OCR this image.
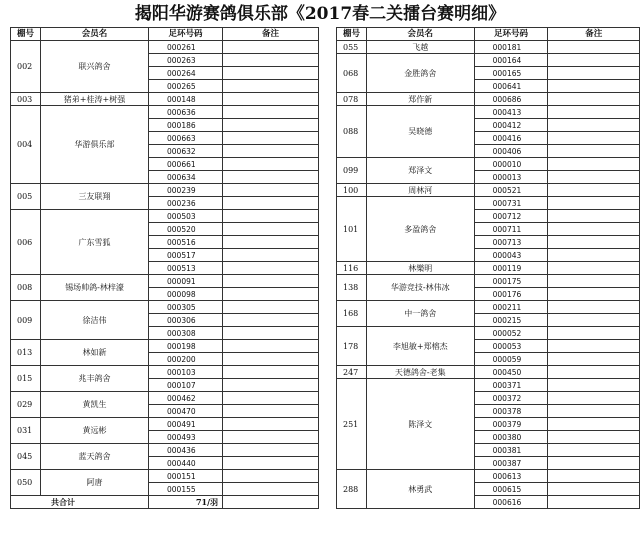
揭阳华游赛鸽俱乐部《2017春二关擂台赛明细》
棚号	会员名	足环号码	备注
002	联兴鸽舍	000261	
		000263	
		000264	
		000265	
003	猪弟+桂涛+树强	000148	
004	华游俱乐部	000636	
		000186	
		000663	
		000632	
		000661	
		000634	
005	三友联翔	000239	
		000236	
006	广东雪狐	000503	
		000520	
		000516	
		000517	
		000513	
008	锡场帅鸽-林梓濠	000091	
		000098	
009	徐洁伟	000305	
		000306	
		000308	
013	林如新	000198	
		000200	
015	兆丰鸽舍	000103	
		000107	
029	黄凯生	000462	
		000470	
031	黄远彬	000491	
		000493	
045	蓝天鸽舍	000436	
		000440	
050	阿唐	000151	
		000155	
共合计		71/羽	
棚号	会员名	足环号码	备注
055	飞越	000181	
068	金胜鸽舍	000164	
		000165	
		000641	
078	郑作新	000686	
088	吴晓德	000413	
		000412	
		000416	
		000406	
099	郑泽文	000010	
		000013	
100	周林河	000521	
101	多盈鸽舍	000731	
		000712	
		000711	
		000713	
		000043	
116	林樂明	000119	
138	华游竞技-林伟冰	000175	
		000176	
168	中一鸽舍	000211	
		000215	
178	李旭敏+郑榕杰	000052	
		000053	
		000059	
247	天德鸽舍-老集	000450	
251	陈泽文	000371	
		000372	
		000378	
		000379	
		000380	
		000381	
		000387	
288	林勇武	000613	
		000615	
		000616	
